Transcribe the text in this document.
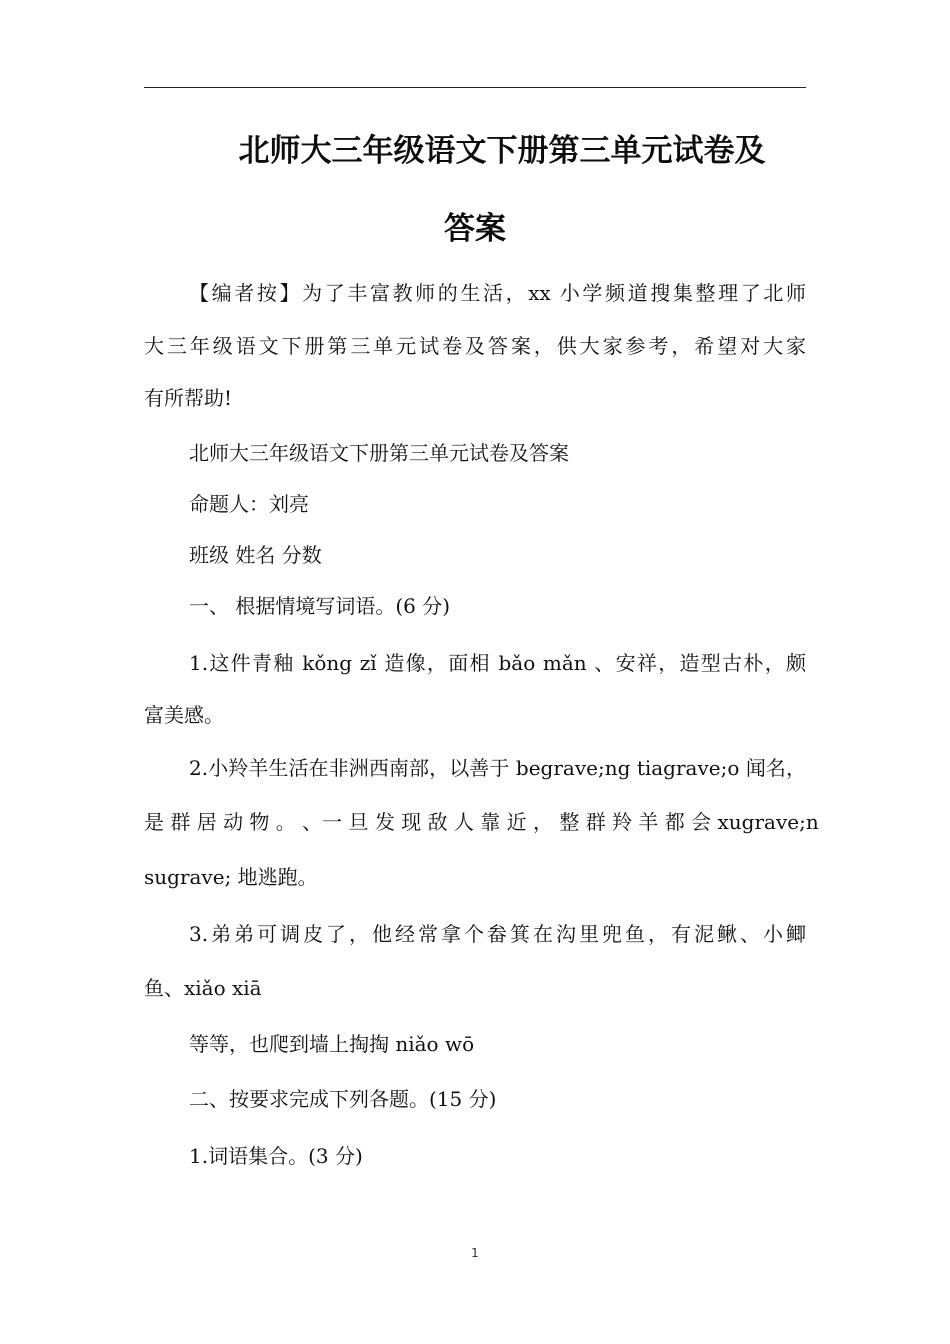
北师大三年级语文下册第三单元试卷及
答案

【编者按】为了丰富教师的生活，xx 小学频道搜集整理了北师

大三年级语文下册第三单元试卷及答案，供大家参考，希望对大家

有所帮助!

北师大三年级语文下册第三单元试卷及答案

命题人：刘亮

班级 姓名 分数

一、 根据情境写词语。(6 分)

1.这件青釉 kǒng zǐ 造像，面相 bǎo mǎn 、安祥，造型古朴，颇

富美感。

2.小羚羊生活在非洲西南部，以善于 begrave;ng tiagrave;o 闻名，

是 群 居 动 物 。 、一 旦 发 现 敌 人 靠 近 ， 整 群 羚 羊 都 会 xugrave;n

sugrave; 地逃跑。

3.弟弟可调皮了，他经常拿个畚箕在沟里兜鱼，有泥鳅、小鲫

鱼、xiǎo xiā

等等，也爬到墙上掏掏 niǎo wō

二、按要求完成下列各题。(15 分)

1.词语集合。(3 分)

1
